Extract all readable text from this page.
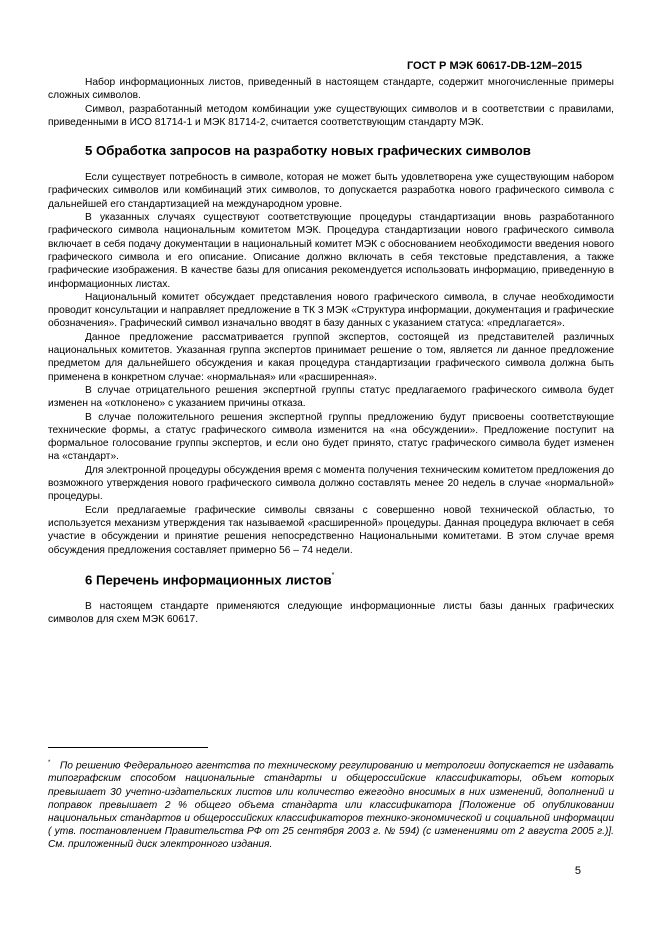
ГОСТ Р МЭК 60617-DB-12M–2015

Набор информационных листов, приведенный в настоящем стандарте, содержит многочисленные примеры сложных символов.

Символ, разработанный методом комбинации уже существующих символов и в соответствии с правилами, приведенными в ИСО 81714-1 и МЭК 81714-2, считается соответствующим стандарту МЭК.

5 Обработка запросов на разработку новых графических символов

Если существует потребность в символе, которая не может быть удовлетворена уже существующим набором графических символов или комбинаций этих символов, то допускается разработка нового графического символа с дальнейшей его стандартизацией на международном уровне.

В указанных случаях существуют соответствующие процедуры стандартизации вновь разработанного графического символа национальным комитетом МЭК. Процедура стандартизации нового графического символа включает в себя подачу документации в национальный комитет МЭК с обоснованием необходимости введения нового графического символа и его описание. Описание должно включать в себя текстовые представления, а также графические изображения. В качестве базы для описания рекомендуется использовать информацию, приведенную в информационных листах.

Национальный комитет обсуждает представления нового графического символа, в случае необходимости проводит консультации и направляет предложение в ТК 3 МЭК «Структура информации, документация и графические обозначения». Графический символ изначально вводят в базу данных с указанием статуса: «предлагается».

Данное предложение рассматривается группой экспертов, состоящей из представителей различных национальных комитетов. Указанная группа экспертов принимает решение о том, является ли данное предложение предметом для дальнейшего обсуждения и какая процедура стандартизации графического символа должна быть применена в конкретном случае: «нормальная» или «расширенная».

В случае отрицательного решения экспертной группы статус предлагаемого графического символа будет изменен на «отклонено» с указанием причины отказа.

В случае положительного решения экспертной группы предложению будут присвоены соответствующие технические формы, а статус графического символа изменится на «на обсуждении». Предложение поступит на формальное голосование группы экспертов, и если оно будет принято, статус графического символа будет изменен на «стандарт».

Для электронной процедуры обсуждения время с момента получения техническим комитетом предложения до возможного утверждения нового графического символа должно составлять менее 20 недель в случае «нормальной» процедуры.

Если предлагаемые графические символы связаны с совершенно новой технической областью, то используется механизм утверждения так называемой «расширенной» процедуры. Данная процедура включает в себя участие в обсуждении и принятие решения непосредственно Национальными комитетами. В этом случае время обсуждения предложения составляет примерно 56 – 74 недели.

6 Перечень информационных листов*

В настоящем стандарте применяются следующие информационные листы базы данных графических символов для схем МЭК 60617.

* По решению Федерального агентства по техническому регулированию и метрологии допускается не издавать типографским способом национальные стандарты и общероссийские классификаторы, объем которых превышает 30 учетно-издательских листов или количество ежегодно вносимых в них изменений, дополнений и поправок превышает 2 % общего объема стандарта или классификатора [Положение об опубликовании национальных стандартов и общероссийских классификаторов технико-экономической и социальной информации ( утв. постановлением Правительства РФ от 25 сентября 2003 г. № 594) (с изменениями от 2 августа 2005 г.)]. См. приложенный диск электронного издания.
5
